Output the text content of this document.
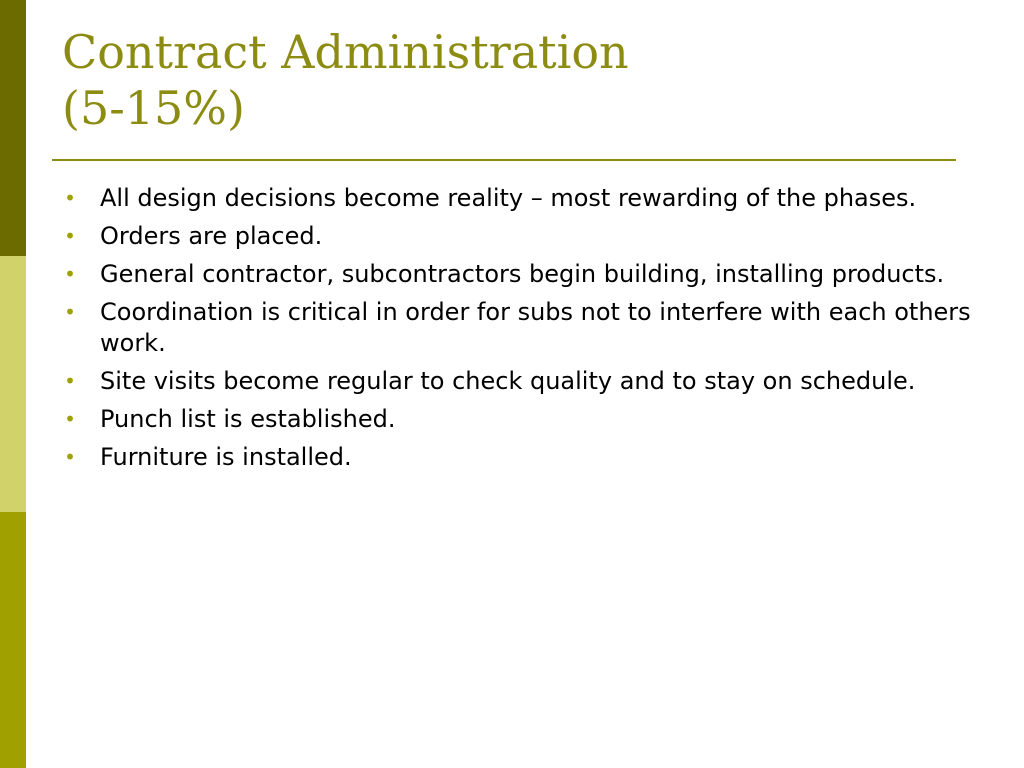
Contract Administration
(5-15%)
• All design decisions become reality – most rewarding of the phases.
• Orders are placed.
• General contractor, subcontractors begin building, installing products.
• Coordination is critical in order for subs not to interfere with each others work.
• Site visits become regular to check quality and to stay on schedule.
• Punch list is established.
• Furniture is installed.
